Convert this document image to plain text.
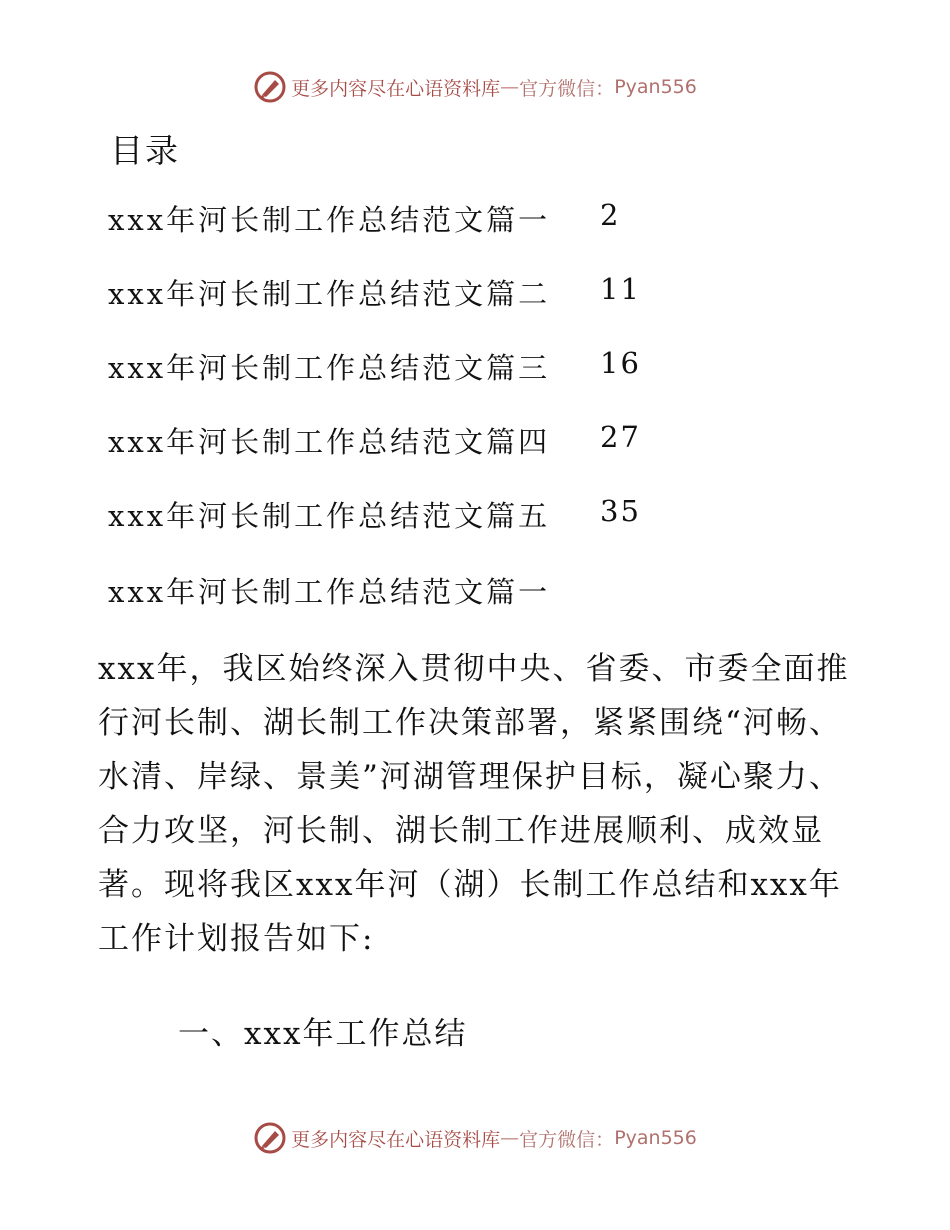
更多内容尽在心语资料库 — 官方微信： Pyan556
目录
xxx年河长制工作总结范文篇一 2
xxx年河长制工作总结范文篇二 11
xxx年河长制工作总结范文篇三 16
xxx年河长制工作总结范文篇四 27
xxx年河长制工作总结范文篇五 35
xxx年河长制工作总结范文篇一

xxx年，我区始终深入贯彻中央、省委、市委全面推行河长制、湖长制工作决策部署，紧紧围绕“河畅、水清、岸绿、景美”河湖管理保护目标，凝心聚力、合力攻坚，河长制、湖长制工作进展顺利、成效显著。现将我区xxx年河（湖）长制工作总结和xxx年工作计划报告如下:

一、xxx年工作总结
更多内容尽在心语资料库 — 官方微信： Pyan556
